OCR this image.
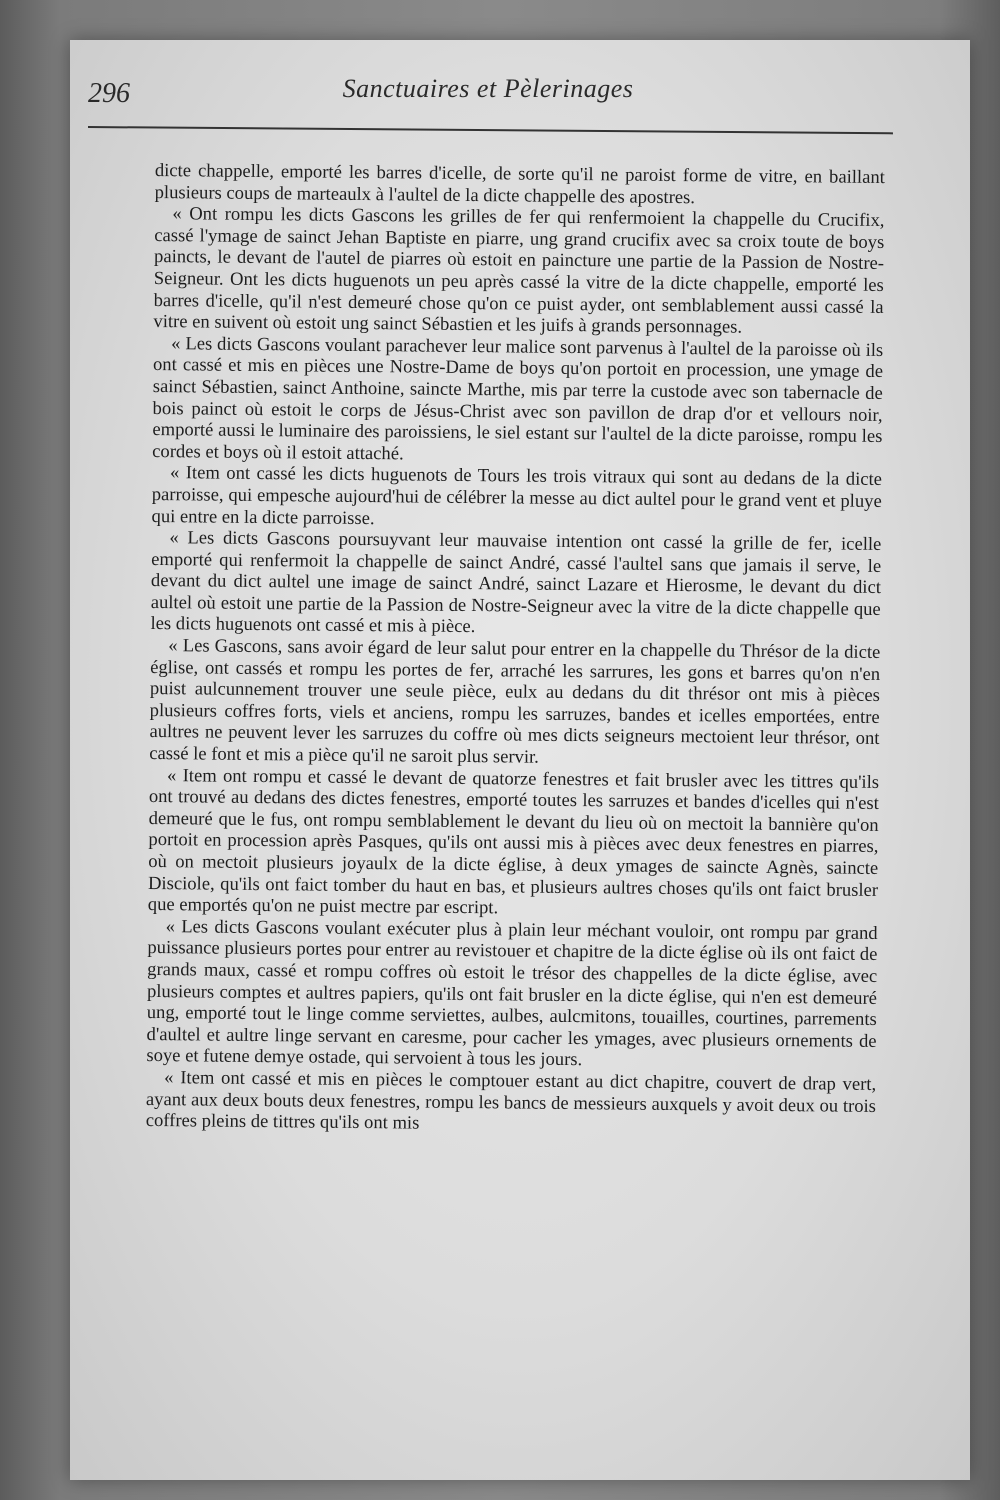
296	Sanctuaires et Pèlerinages

dicte chappelle, emporté les barres d'icelle, de sorte qu'il ne paroist forme de vitre, en baillant plusieurs coups de marteaulx à l'aultel de la dicte chappelle des apostres.

« Ont rompu les dicts Gascons les grilles de fer qui renfermoient la chappelle du Crucifix, cassé l'ymage de sainct Jehan Baptiste en piarre, ung grand crucifix avec sa croix toute de boys paincts, le devant de l'autel de piarres où estoit en paincture une partie de la Passion de Nostre-Seigneur. Ont les dicts huguenots un peu après cassé la vitre de la dicte chappelle, emporté les barres d'icelle, qu'il n'est demeuré chose qu'on ce puist ayder, ont semblablement aussi cassé la vitre en suivent où estoit ung sainct Sébastien et les juifs à grands personnages.

« Les dicts Gascons voulant parachever leur malice sont parvenus à l'aultel de la paroisse où ils ont cassé et mis en pièces une Nostre-Dame de boys qu'on portoit en procession, une ymage de sainct Sébastien, sainct Anthoine, saincte Marthe, mis par terre la custode avec son tabernacle de bois painct où estoit le corps de Jésus-Christ avec son pavillon de drap d'or et vellours noir, emporté aussi le luminaire des paroissiens, le siel estant sur l'aultel de la dicte paroisse, rompu les cordes et boys où il estoit attaché.

« Item ont cassé les dicts huguenots de Tours les trois vitraux qui sont au dedans de la dicte parroisse, qui empesche aujourd'hui de célébrer la messe au dict aultel pour le grand vent et pluye qui entre en la dicte parroisse.

« Les dicts Gascons poursuyvant leur mauvaise intention ont cassé la grille de fer, icelle emporté qui renfermoit la chappelle de sainct André, cassé l'aultel sans que jamais il serve, le devant du dict aultel une image de sainct André, sainct Lazare et Hierosme, le devant du dict aultel où estoit une partie de la Passion de Nostre-Seigneur avec la vitre de la dicte chappelle que les dicts huguenots ont cassé et mis à pièce.

« Les Gascons, sans avoir égard de leur salut pour entrer en la chappelle du Thrésor de la dicte église, ont cassés et rompu les portes de fer, arraché les sarrures, les gons et barres qu'on n'en puist aulcunnement trouver une seule pièce, eulx au dedans du dit thrésor ont mis à pièces plusieurs coffres forts, viels et anciens, rompu les sarruzes, bandes et icelles emportées, entre aultres ne peuvent lever les sarruzes du coffre où mes dicts seigneurs mectoient leur thrésor, ont cassé le font et mis a pièce qu'il ne saroit plus servir.

« Item ont rompu et cassé le devant de quatorze fenestres et fait brusler avec les tittres qu'ils ont trouvé au dedans des dictes fenestres, emporté toutes les sarruzes et bandes d'icelles qui n'est demeuré que le fus, ont rompu semblablement le devant du lieu où on mectoit la bannière qu'on portoit en procession après Pasques, qu'ils ont aussi mis à pièces avec deux fenestres en piarres, où on mectoit plusieurs joyaulx de la dicte église, à deux ymages de saincte Agnès, saincte Disciole, qu'ils ont faict tomber du haut en bas, et plusieurs aultres choses qu'ils ont faict brusler que emportés qu'on ne puist mectre par escript.

« Les dicts Gascons voulant exécuter plus à plain leur méchant vouloir, ont rompu par grand puissance plusieurs portes pour entrer au revistouer et chapitre de la dicte église où ils ont faict de grands maux, cassé et rompu coffres où estoit le trésor des chappelles de la dicte église, avec plusieurs comptes et aultres papiers, qu'ils ont fait brusler en la dicte église, qui n'en est demeuré ung, emporté tout le linge comme serviettes, aulbes, aulcmitons, touailles, courtines, parrements d'aultel et aultre linge servant en caresme, pour cacher les ymages, avec plusieurs ornements de soye et futene demye ostade, qui servoient à tous les jours.

« Item ont cassé et mis en pièces le comptouer estant au dict chapitre, couvert de drap vert, ayant aux deux bouts deux fenestres, rompu les bancs de messieurs auxquels y avoit deux ou trois coffres pleins de tittres qu'ils ont mis
